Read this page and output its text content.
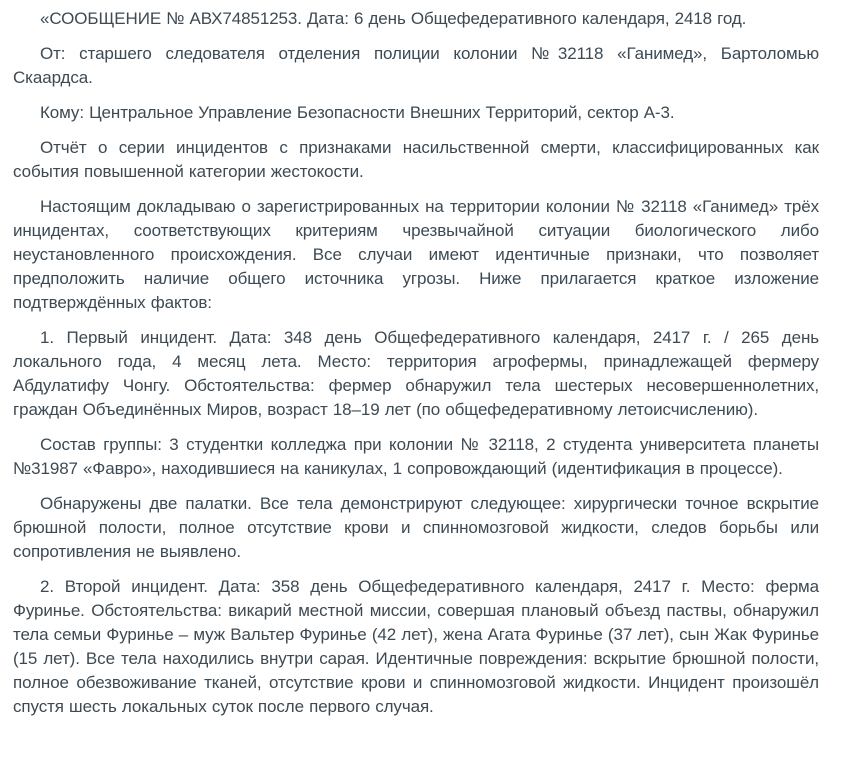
«СООБЩЕНИЕ № АВХ74851253. Дата: 6 день Общефедеративного календаря, 2418 год.

От: старшего следователя отделения полиции колонии №32118 «Ганимед», Бартоломью Скаардса.

Кому: Центральное Управление Безопасности Внешних Территорий, сектор А-3.

Отчёт о серии инцидентов с признаками насильственной смерти, классифицированных как события повышенной категории жестокости.

Настоящим докладываю о зарегистрированных на территории колонии № 32118 «Ганимед» трёх инцидентах, соответствующих критериям чрезвычайной ситуации биологического либо неустановленного происхождения. Все случаи имеют идентичные признаки, что позволяет предположить наличие общего источника угрозы. Ниже прилагается краткое изложение подтверждённых фактов:

1. Первый инцидент. Дата: 348 день Общефедеративного календаря, 2417 г. / 265 день локального года, 4 месяц лета. Место: территория агрофермы, принадлежащей фермеру Абдулатифу Чонгу. Обстоятельства: фермер обнаружил тела шестерых несовершеннолетних, граждан Объединённых Миров, возраст 18–19 лет (по общефедеративному летоисчислению).

Состав группы: 3 студентки колледжа при колонии № 32118, 2 студента университета планеты №31987 «Фавро», находившиеся на каникулах, 1 сопровождающий (идентификация в процессе).

Обнаружены две палатки. Все тела демонстрируют следующее: хирургически точное вскрытие брюшной полости, полное отсутствие крови и спинномозговой жидкости, следов борьбы или сопротивления не выявлено.

2. Второй инцидент. Дата: 358 день Общефедеративного календаря, 2417 г. Место: ферма Фуринье. Обстоятельства: викарий местной миссии, совершая плановый объезд паствы, обнаружил тела семьи Фуринье – муж Вальтер Фуринье (42 лет), жена Агата Фуринье (37 лет), сын Жак Фуринье (15 лет). Все тела находились внутри сарая. Идентичные повреждения: вскрытие брюшной полости, полное обезвоживание тканей, отсутствие крови и спинномозговой жидкости. Инцидент произошёл спустя шесть локальных суток после первого случая.
